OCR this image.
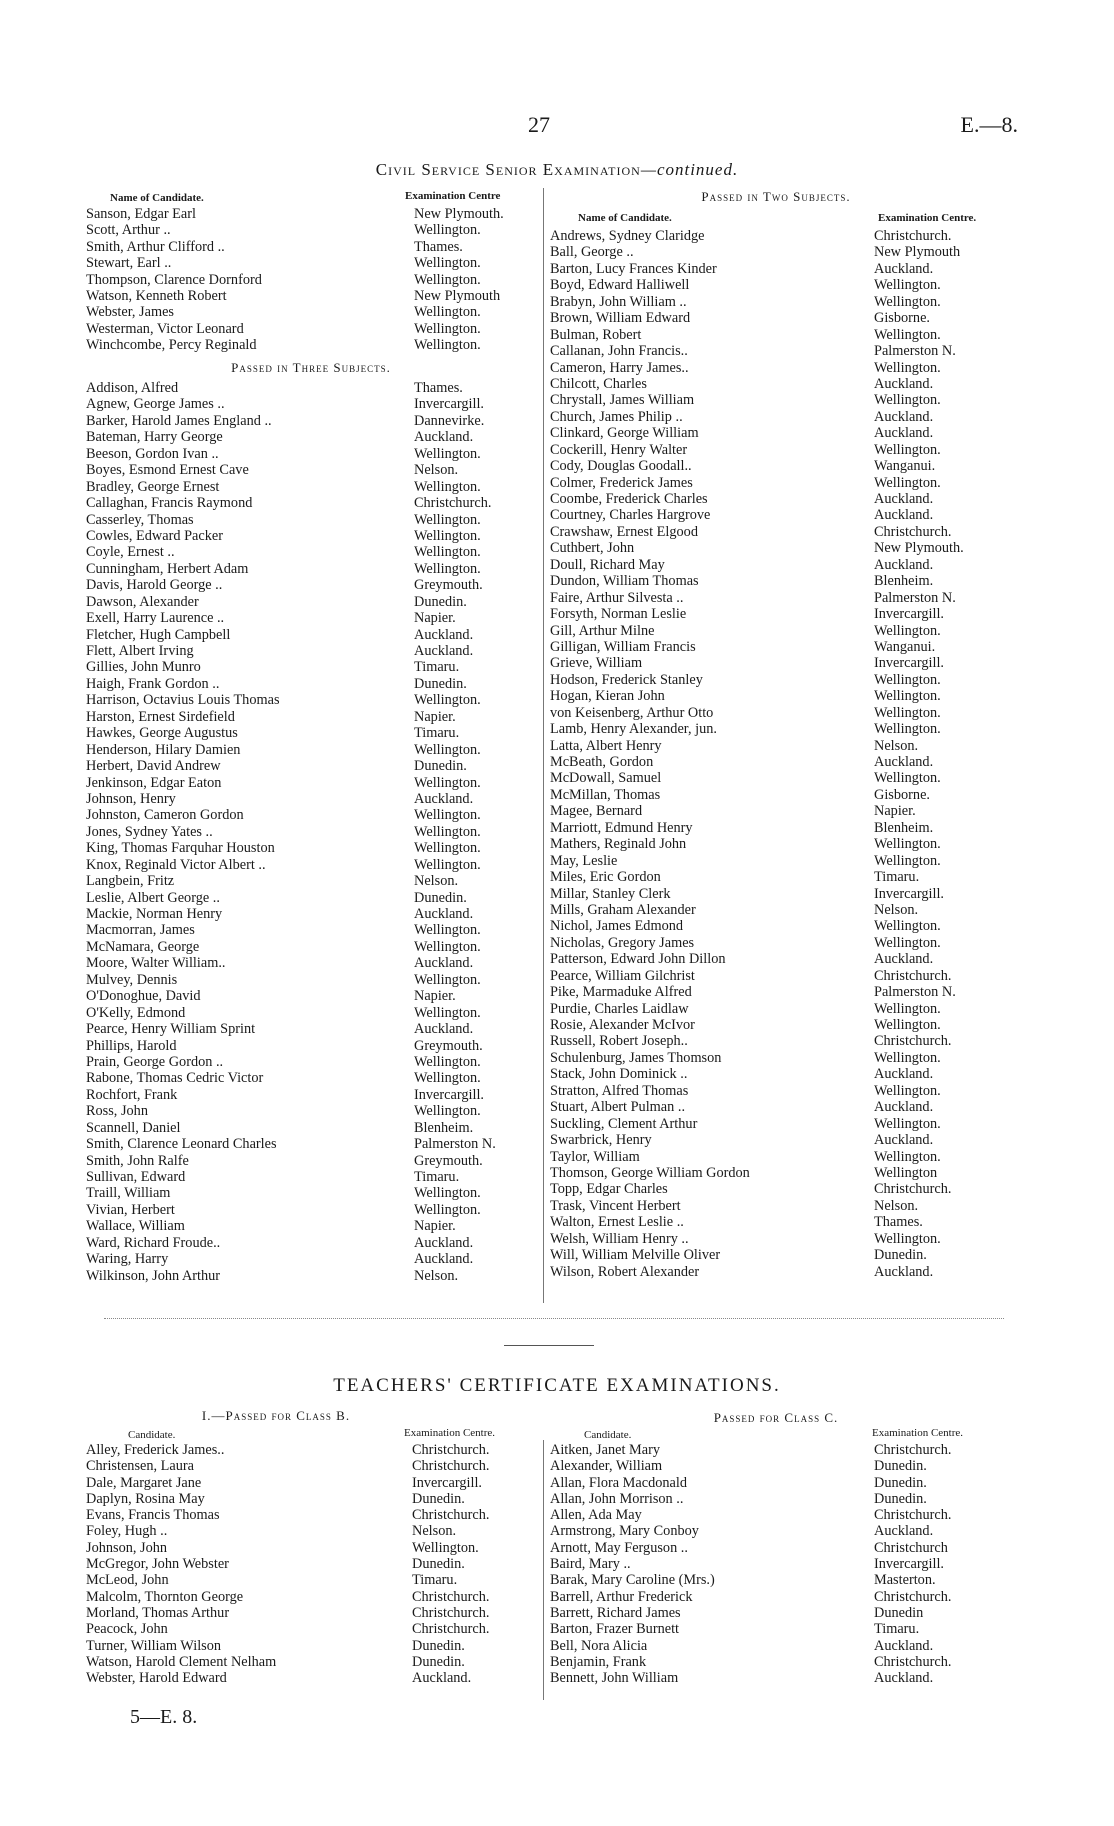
27	E.—8.
Civil Service Senior Examination—continued.
Name of Candidate.	Examination Centre
Sanson, Edgar Earl	New Plymouth.
Scott, Arthur ..	Wellington.
Smith, Arthur Clifford ..	Thames.
Stewart, Earl ..	Wellington.
Thompson, Clarence Dornford	Wellington.
Watson, Kenneth Robert	New Plymouth
Webster, James	Wellington.
Westerman, Victor Leonard	Wellington.
Winchcombe, Percy Reginald	Wellington.
Passed in Three Subjects.
Addison, Alfred	Thames.
Agnew, George James ..	Invercargill.
Barker, Harold James England ..	Dannevirke.
Bateman, Harry George	Auckland.
Beeson, Gordon Ivan ..	Wellington.
Boyes, Esmond Ernest Cave	Nelson.
Bradley, George Ernest	Wellington.
Callaghan, Francis Raymond	Christchurch.
Casserley, Thomas	Wellington.
Cowles, Edward Packer	Wellington.
Coyle, Ernest ..	Wellington.
Cunningham, Herbert Adam	Wellington.
Davis, Harold George ..	Greymouth.
Dawson, Alexander	Dunedin.
Exell, Harry Laurence ..	Napier.
Fletcher, Hugh Campbell	Auckland.
Flett, Albert Irving	Auckland.
Gillies, John Munro	Timaru.
Haigh, Frank Gordon ..	Dunedin.
Harrison, Octavius Louis Thomas	Wellington.
Harston, Ernest Sirdefield	Napier.
Hawkes, George Augustus	Timaru.
Henderson, Hilary Damien	Wellington.
Herbert, David Andrew	Dunedin.
Jenkinson, Edgar Eaton	Wellington.
Johnson, Henry	Auckland.
Johnston, Cameron Gordon	Wellington.
Jones, Sydney Yates ..	Wellington.
King, Thomas Farquhar Houston	Wellington.
Knox, Reginald Victor Albert ..	Wellington.
Langbein, Fritz	Nelson.
Leslie, Albert George ..	Dunedin.
Mackie, Norman Henry	Auckland.
Macmorran, James	Wellington.
McNamara, George	Wellington.
Moore, Walter William..	Auckland.
Mulvey, Dennis	Wellington.
O'Donoghue, David	Napier.
O'Kelly, Edmond	Wellington.
Pearce, Henry William Sprint	Auckland.
Phillips, Harold	Greymouth.
Prain, George Gordon ..	Wellington.
Rabone, Thomas Cedric Victor	Wellington.
Rochfort, Frank	Invercargill.
Ross, John	Wellington.
Scannell, Daniel	Blenheim.
Smith, Clarence Leonard Charles	Palmerston N.
Smith, John Ralfe	Greymouth.
Sullivan, Edward	Timaru.
Traill, William	Wellington.
Vivian, Herbert	Wellington.
Wallace, William	Napier.
Ward, Richard Froude..	Auckland.
Waring, Harry	Auckland.
Wilkinson, John Arthur	Nelson.
Passed in Two Subjects.
Name of Candidate.	Examination Centre.
Andrews, Sydney Claridge	Christchurch.
Ball, George ..	New Plymouth
Barton, Lucy Frances Kinder	Auckland.
Boyd, Edward Halliwell	Wellington.
Brabyn, John William ..	Wellington.
Brown, William Edward	Gisborne.
Bulman, Robert	Wellington.
Callanan, John Francis..	Palmerston N.
Cameron, Harry James..	Wellington.
Chilcott, Charles	Auckland.
Chrystall, James William	Wellington.
Church, James Philip ..	Auckland.
Clinkard, George William	Auckland.
Cockerill, Henry Walter	Wellington.
Cody, Douglas Goodall..	Wanganui.
Colmer, Frederick James	Wellington.
Coombe, Frederick Charles	Auckland.
Courtney, Charles Hargrove	Auckland.
Crawshaw, Ernest Elgood	Christchurch.
Cuthbert, John	New Plymouth.
Doull, Richard May	Auckland.
Dundon, William Thomas	Blenheim.
Faire, Arthur Silvesta ..	Palmerston N.
Forsyth, Norman Leslie	Invercargill.
Gill, Arthur Milne	Wellington.
Gilligan, William Francis	Wanganui.
Grieve, William	Invercargill.
Hodson, Frederick Stanley	Wellington.
Hogan, Kieran John	Wellington.
von Keisenberg, Arthur Otto	Wellington.
Lamb, Henry Alexander, jun.	Wellington.
Latta, Albert Henry	Nelson.
McBeath, Gordon	Auckland.
McDowall, Samuel	Wellington.
McMillan, Thomas	Gisborne.
Magee, Bernard	Napier.
Marriott, Edmund Henry	Blenheim.
Mathers, Reginald John	Wellington.
May, Leslie	Wellington.
Miles, Eric Gordon	Timaru.
Millar, Stanley Clerk	Invercargill.
Mills, Graham Alexander	Nelson.
Nichol, James Edmond	Wellington.
Nicholas, Gregory James	Wellington.
Patterson, Edward John Dillon	Auckland.
Pearce, William Gilchrist	Christchurch.
Pike, Marmaduke Alfred	Palmerston N.
Purdie, Charles Laidlaw	Wellington.
Rosie, Alexander McIvor	Wellington.
Russell, Robert Joseph..	Christchurch.
Schulenburg, James Thomson	Wellington.
Stack, John Dominick ..	Auckland.
Stratton, Alfred Thomas	Wellington.
Stuart, Albert Pulman ..	Auckland.
Suckling, Clement Arthur	Wellington.
Swarbrick, Henry	Auckland.
Taylor, William	Wellington.
Thomson, George William Gordon	Wellington
Topp, Edgar Charles	Christchurch.
Trask, Vincent Herbert	Nelson.
Walton, Ernest Leslie ..	Thames.
Welsh, William Henry ..	Wellington.
Will, William Melville Oliver	Dunedin.
Wilson, Robert Alexander	Auckland.
TEACHERS' CERTIFICATE EXAMINATIONS.
I.—Passed for Class B.
Candidate.	Examination Centre.
Alley, Frederick James..	Christchurch.
Christensen, Laura	Christchurch.
Dale, Margaret Jane	Invercargill.
Daplyn, Rosina May	Dunedin.
Evans, Francis Thomas	Christchurch.
Foley, Hugh ..	Nelson.
Johnson, John	Wellington.
McGregor, John Webster	Dunedin.
McLeod, John	Timaru.
Malcolm, Thornton George	Christchurch.
Morland, Thomas Arthur	Christchurch.
Peacock, John	Christchurch.
Turner, William Wilson	Dunedin.
Watson, Harold Clement Nelham	Dunedin.
Webster, Harold Edward	Auckland.
Passed for Class C.
Candidate.	Examination Centre.
Aitken, Janet Mary	Christchurch.
Alexander, William	Dunedin.
Allan, Flora Macdonald	Dunedin.
Allan, John Morrison ..	Dunedin.
Allen, Ada May	Christchurch.
Armstrong, Mary Conboy	Auckland.
Arnott, May Ferguson ..	Christchurch
Baird, Mary ..	Invercargill.
Barak, Mary Caroline (Mrs.)	Masterton.
Barrell, Arthur Frederick	Christchurch.
Barrett, Richard James	Dunedin
Barton, Frazer Burnett	Timaru.
Bell, Nora Alicia	Auckland.
Benjamin, Frank	Christchurch.
Bennett, John William	Auckland.
5—E. 8.
